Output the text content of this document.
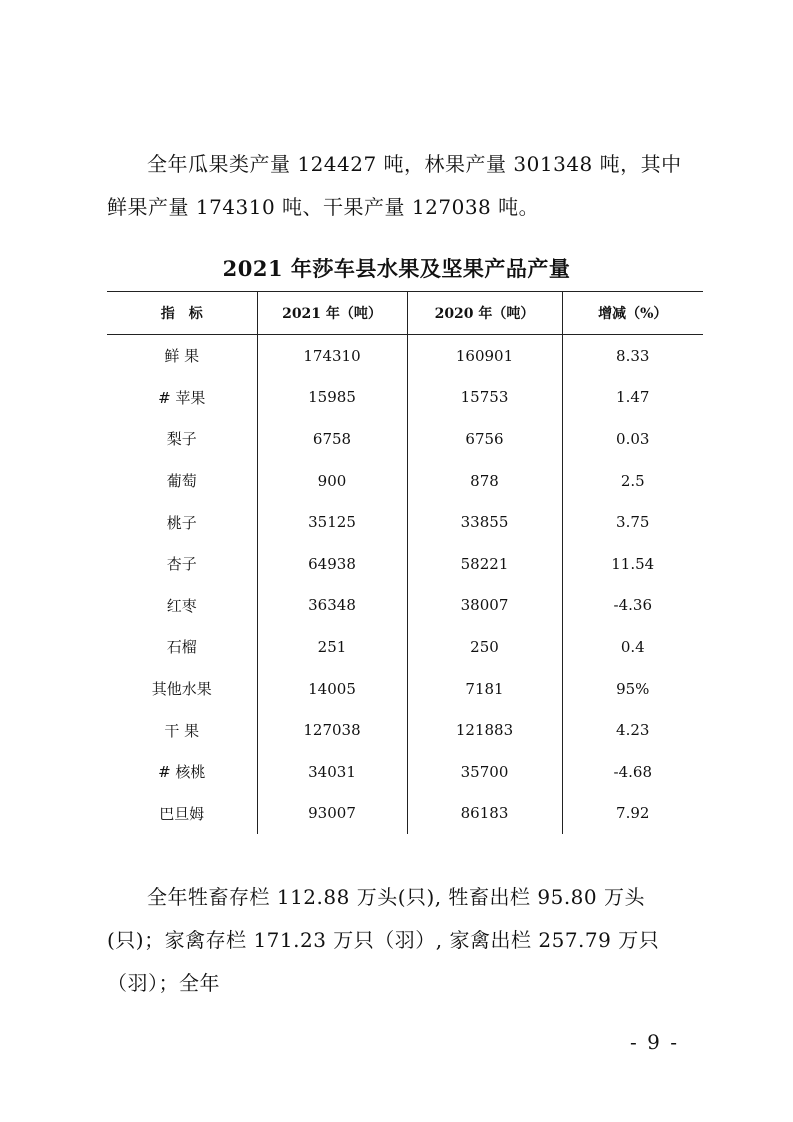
全年瓜果类产量 124427 吨，林果产量 301348 吨，其中鲜果产量 174310 吨、干果产量 127038 吨。

2021 年莎车县水果及坚果产品产量
指　标	2021 年（吨）	2020 年（吨）	增减（%）
鲜 果	174310	160901	8.33
# 苹果	15985	15753	1.47
梨子	6758	6756	0.03
葡萄	900	878	2.5
桃子	35125	33855	3.75
杏子	64938	58221	11.54
红枣	36348	38007	-4.36
石榴	251	250	0.4
其他水果	14005	7181	95%
干 果	127038	121883	4.23
# 核桃	34031	35700	-4.68
巴旦姆	93007	86183	7.92

全年牲畜存栏 112.88 万头(只), 牲畜出栏 95.80 万头(只)；家禽存栏 171.23 万只（羽）, 家禽出栏 257.79 万只（羽）；全年

- 9 -
